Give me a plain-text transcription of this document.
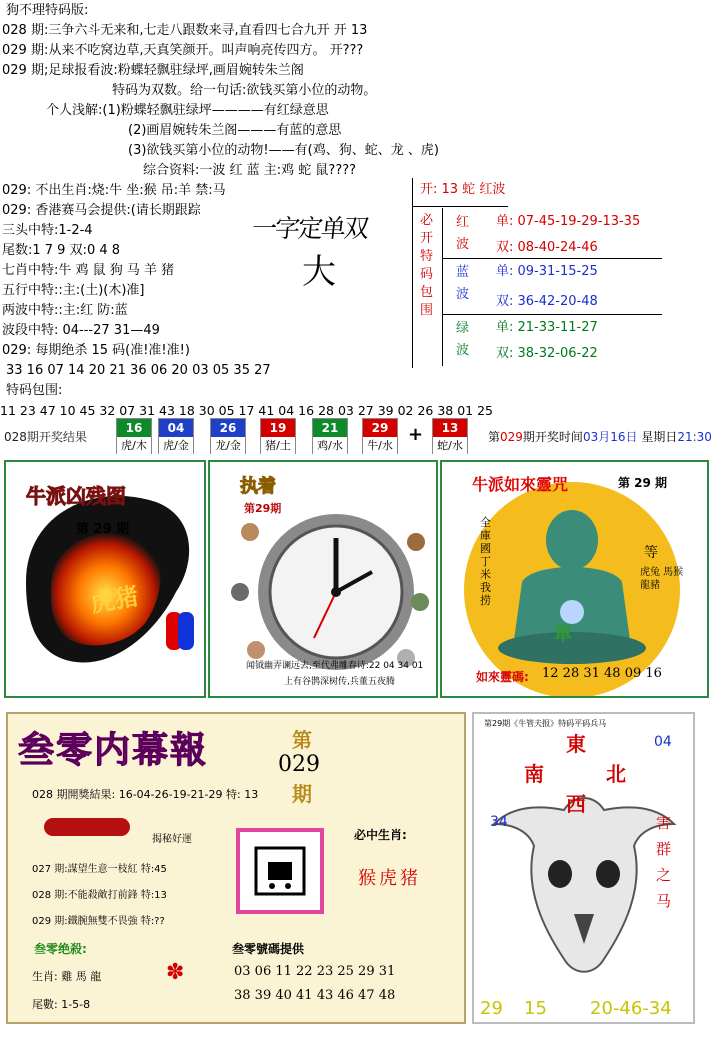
狗不理特码版:
028 期:三争六斗无来和,七走八跟数来寻,直看四七合九开 开 13
029 期:从来不吃窝边草,天真笑颜开。叫声响亮传四方。 开???
029 期;足球报看波:粉蝶轻飘驻绿坪,画眉婉转朱兰阁
特码为双数。给一句话:欲钱买第小位的动物。
个人浅解:(1)粉蝶轻飘驻绿坪————有红绿意思
(2)画眉婉转朱兰阁———有蓝的意思
(3)欲钱买第小位的动物!——有(鸡、狗、蛇、龙 、虎)
综合资料:一波 红 蓝 主:鸡 蛇 鼠????
029: 不出生肖:烧:牛 坐:猴 吊:羊 禁:马
029: 香港赛马会提供:(请长期跟踪
三头中特:1-2-4
尾数:1 7 9 双:0 4 8
七肖中特:牛 鸡 鼠 狗 马 羊 猪
五行中特::主:(土)(木)准]
两波中特::主:红 防:蓝
波段中特: 04---27 31—49
029: 每期绝杀 15 码(准!准!准!)
33 16 07 14 20 21 36 06 20 03 05 35 27
特码包围:
11 23 47 10 45 32 07 31 43 18 30 05 17 41 04 16 28 03 27 39 02 26 38 01 25
一字定单双
大
开: 13 蛇 红波
必
开
特
码
包
围
红
波
单: 07-45-19-29-13-35
双: 08-40-24-46
蓝
波
单: 09-31-15-25
双: 36-42-20-48
绿
波
单: 21-33-11-27
双: 38-32-06-22
028期开奖结果
16
虎/木
04
虎/金
26
龙/金
19
猪/土
21
鸡/水
29
牛/水
13
蛇/水
+	第029期开奖时间03月16日 星期日21:30
牛派凶残图
第 29 期
虎猪
执着
第29期
闻钺幽弄谰远去,至代弗雕春诗:22 04 34 01
上有谷鹊深树传,兵董五夜腾
牛派如來靈咒	第 29 期
全庫國丁米我捞
等
虎兔 馬猴 龍豬
單
如來靈碼: 12 28 31 48 09 16
叁零内幕報	第
029
期
028 期開獎結果: 16-04-26-19-21-29 特: 13
揭秘好運
027 期:謀望生意一枝紅 特:45
028 期:不能殺敵打前鋒 特:13
029 期:鐵腕無雙不畏強 特:??
必中生肖:
猴虎猪
叁零绝殺:
生肖: 雞 馬 龍
尾數: 1-5-8
✽
叁零號碼提供
03 06 11 22 23 25 29 31
38 39 40 41 43 46 47 48
第29期《牛管夫报》特码平码兵马
東
南	北
西
04
34	害 群 之 马
29 15 20-46-34
